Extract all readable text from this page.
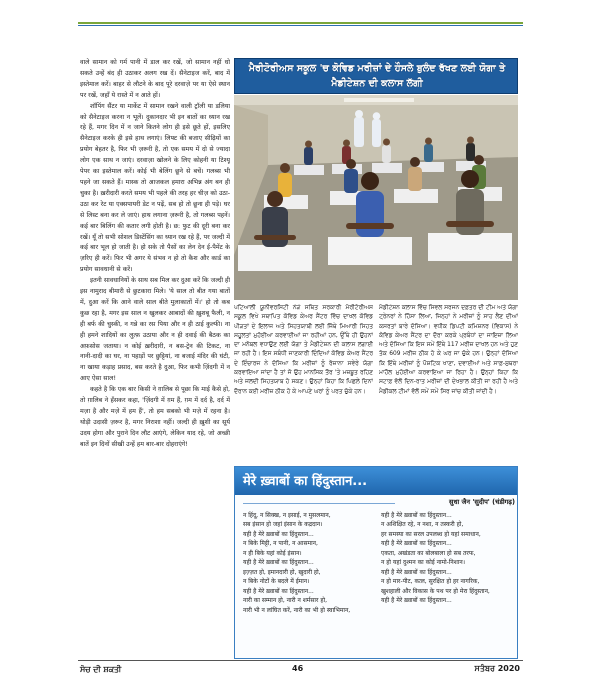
वाले सामान को गर्म पानी में डाल कर रखें, जो सामान नहीं धो सकते उन्हें बंद ही उठाकर अलग रख दें। सैनेटाइज करें, बाद में इस्तेमाल करें। बाहर से लौटने के बाद पूरे दरवाज़े पर या ऐसे स्थान पर रखें, जहाँ ये रास्ते में न आते हों।

शॉपिंग सैंटर या मार्केट में सामान रखने वाली ट्रॉली या डलिया को सैनेटाइज करना न भूलें। दुकानदार भी इन बातों का ध्यान रख रहे हैं, मगर दिन में न जाने कितने लोग ही इसे छूते हों, इसलिए सैनेटाइज करके ही इसे हाथ लगाएं। लिफ्ट की बजाए सीढ़ियों का प्रयोग बेहतर है, फिर भी ज़रूरी है, तो एक समय में दो से ज्यादा लोग एक साथ न जाएं। दरवाज़ा खोलने के लिए कोहनी या टिश्यू पेपर का इस्तेमाल करें। कोई भी बेलिंग छूने से बचें। गलब्स भी पहने जा सकते हैं। मास्क तो आजकल हमारा अभिन्न अंग बन ही चुका है। ख़रीदारी करते समय भी पहले की तरह हर चीज़ को उठा-उठा कर रेट या एक्सपायरी डेट न पढ़ें, सब हो तो छूना ही पड़े। घर से लिस्ट बना कर ले जाएं। हाथ लगाना ज़रूरी है, तो गलब्स पहनें। कई बार बिलिंग की कतार लगी होती है। छ: फुट की दूरी बना कर रखें। यूँ तो सभी सोशल डिस्टेंसिंग का ध्यान रख रहे हैं, पर जल्दी में कई बार भूल हो जाती है। हो सके तो पैसों का लेन देन ई-पैमेंट के ज़रिए ही करें। फिर भी अगर ये संभव न हो तो कैश और कार्ड का प्रयोग सावधानी से करें।

इतनी सावधानियों के साथ सब मिल कर दुआ करें कि जल्दी ही इस नामुराद बीमारी से छुटकारा मिले। 'ये साल तो बीत गया बातों में, दुआ करें कि आने वाले साल बीते मुलाकातों में।' हो तो कब कुछ रहा है, मगर इस साल न खुलकर आबादों की ख़ुशबू फैली, न ही बर्फ की चुस्की, न गन्ने का रस पिया और न ही ठाई कुल्फी। ना ही हमने शादियों का लुत्फ़ उठाया और न ही दवाई की बैठक का अफ़सोस जताया। न कोई ख़रीदारी, न बस-ट्रेन की टिकट, ना नानी-दादी का घर, ना पहाड़ों पर छुट्टियां, ना बजाई मंदिर की घंटी, ना खाया कड़ाह प्रसाद, बस करते है दुआ, फिर कभी ज़िंदगी में न आए ऐसा साल!

कहते है कि एक बार किसी ने ग़ालिब से पूछा कि माई कैसे हो, तो ग़ालिब ने हँसकर कहा, 'ज़िंदगी में ग़म हैं, ग़म में दर्द है, दर्द में मज़ा है और मज़े में हम हैं', तो हम सबको भी मज़े में रहना है। थोड़ी उदासी ज़रूर है, मगर निराशा नहीं। जल्दी ही ख़ुशी का सूर्य उदय होगा और पुराने दिन लौट आएंगे, लेकिन याद रहे, जो अच्छी बातें इन दिनों सीखी उन्हें हम बार-बार दोहराएंगे!

ਮੈਰੀਟੋਰੀਅਸ ਸਕੂਲ 'ਚ ਕੋਵਿਡ ਮਰੀਜ਼ਾਂ ਦੇ ਹੌਸਲੇ ਬੁਲੰਦ ਰੱਖਣ ਲਈ ਯੋਗਾ ਤੇ ਮੈਡੀਟੇਸ਼ਨ ਦੀ ਕਲਾਸ ਲੱਗੀ

ਪਟਿਆਲੀ ਯੂਨੀਵਰਸਿਟੀ ਨੇੜੇ ਸਥਿਤ ਸਰਕਾਰੀ ਮੈਰੀਟੋਰੀਅਸ ਸਕੂਲ ਵਿਖੇ ਸਥਾਪਿਤ ਕੋਵਿਡ ਕੇਅਰ ਸੈਂਟਰ ਵਿੱਚ ਦਾਖਲ ਕੋਵਿਡ ਪੀੜਤਾਂ ਦੇ ਇਲਾਜ ਅਤੇ ਸਿਹਤਯਾਬੀ ਲਈ ਜਿੱਥੇ ਮਿਆਰੀ ਸਿਹਤ ਸਹੂਲਤਾਂ ਮੁਹੱਈਆ ਕਰਵਾਈਆਂ ਜਾ ਰਹੀਆਂ ਹਨ, ਉੱਥੇ ਹੀ ਉਹਨਾਂ ਦਾ ਮਨੋਬਲ ਵਧਾਉਣ ਲਈ ਯੋਗਾ ਤੇ ਮੈਡੀਟੇਸ਼ਨ ਦੀ ਕਲਾਸ ਲਗਾਈ ਜਾ ਰਹੀ ਹੈ। ਇਸ ਸਬੰਧੀ ਜਾਣਕਾਰੀ ਦਿੰਦਿਆਂ ਕੋਵਿਡ ਕੇਅਰ ਸੈਂਟਰ ਦੇ ਇੰਚਾਰਜ ਨੇ ਦੱਸਿਆ ਕਿ ਮਰੀਜ਼ਾਂ ਨੂੰ ਰੋਜ਼ਾਨਾ ਸਵੇਰੇ ਯੋਗਾ ਕਰਵਾਇਆ ਜਾਂਦਾ ਹੈ ਤਾਂ ਜੋ ਉਹ ਮਾਨਸਿਕ ਤੌਰ 'ਤੇ ਮਜ਼ਬੂਤ ਰਹਿਣ ਅਤੇ ਜਲਦੀ ਸਿਹਤਯਾਬ ਹੋ ਸਕਣ। ਉਨ੍ਹਾਂ ਕਿਹਾ ਕਿ ਪਿਛਲੇ ਦਿਨਾਂ ਦੌਰਾਨ ਕਈ ਮਰੀਜ਼ ਠੀਕ ਹੋ ਕੇ ਆਪਣੇ ਘਰਾਂ ਨੂੰ ਪਰਤ ਚੁੱਕੇ ਹਨ।

ਮੈਡੀਟੇਸ਼ਨ ਕਲਾਸ ਵਿੱਚ ਸਿਵਲ ਸਰਜਨ ਦਫ਼ਤਰ ਦੀ ਟੀਮ ਅਤੇ ਯੋਗਾ ਟ੍ਰੇਨਰਾਂ ਨੇ ਹਿੱਸਾ ਲਿਆ, ਜਿਨ੍ਹਾਂ ਨੇ ਮਰੀਜ਼ਾਂ ਨੂੰ ਸਾਹ ਲੈਣ ਦੀਆਂ ਕਸਰਤਾਂ ਬਾਰੇ ਦੱਸਿਆ। ਵਧੀਕ ਡਿਪਟੀ ਕਮਿਸ਼ਨਰ (ਵਿਕਾਸ) ਨੇ ਕੋਵਿਡ ਕੇਅਰ ਸੈਂਟਰ ਦਾ ਦੌਰਾ ਕਰਕੇ ਪ੍ਰਬੰਧਾਂ ਦਾ ਜਾਇਜ਼ਾ ਲਿਆ ਅਤੇ ਦੱਸਿਆ ਕਿ ਇਸ ਸਮੇਂ ਇੱਥੇ 117 ਮਰੀਜ਼ ਦਾਖਲ ਹਨ ਅਤੇ ਹੁਣ ਤੱਕ 609 ਮਰੀਜ਼ ਠੀਕ ਹੋ ਕੇ ਘਰ ਜਾ ਚੁੱਕੇ ਹਨ। ਉਨ੍ਹਾਂ ਦੱਸਿਆ ਕਿ ਇੱਥੇ ਮਰੀਜ਼ਾਂ ਨੂੰ ਪੌਸ਼ਟਿਕ ਖਾਣਾ, ਦਵਾਈਆਂ ਅਤੇ ਸਾਫ਼-ਸੁਥਰਾ ਮਾਹੌਲ ਮੁਹੱਈਆ ਕਰਵਾਇਆ ਜਾ ਰਿਹਾ ਹੈ। ਉਨ੍ਹਾਂ ਕਿਹਾ ਕਿ ਸਟਾਫ਼ ਵੱਲੋਂ ਦਿਨ-ਰਾਤ ਮਰੀਜ਼ਾਂ ਦੀ ਦੇਖਭਾਲ ਕੀਤੀ ਜਾ ਰਹੀ ਹੈ ਅਤੇ ਮੈਡੀਕਲ ਟੀਮਾਂ ਵੱਲੋਂ ਸਮੇਂ ਸਮੇਂ ਸਿਰ ਜਾਂਚ ਕੀਤੀ ਜਾਂਦੀ ਹੈ।

मेरे ख़्वाबों का हिंदुस्तान...
सुधा जैन 'सुदीप' (चंडीगढ़)
न हिंदू, न सिक्ख, न इसाई, न मुसलमान,
सब इंसान हो जहां इंसान के कद्रदान।
यही है मेरे ख़्वाबों का हिंदुस्तान...
न बिके मिट्टी, न पानी, न आसमान,
न ही बिके यहां कोई इंसान।
यही है मेरे ख़्वाबों का हिंदुस्तान...
इज़्ज़त हो, इमानदारी हो, खुदारी हो,
न बिके नोटों के बदले में ईमान।
यही है मेरे ख़्वाबों का हिंदुस्तान...
नारी का सम्मान हो, नारी न शर्मसार हो,
नारी भी न लांघित करें, नारी का भी हो स्वाभिमान,
यही है मेरे ख़्वाबों का हिंदुस्तान...
न अशिक्षित रहे, न नशा, न तस्करी हो,
हर समस्या का सरल उपलब्ध हो यहां समाधान,
यही है मेरे ख़्वाबों का हिंदुस्तान...
एकता, अखंडता का बोलबाला हो सब तरफ,
न हो यहां दुश्मन का कोई नामो-निशान।
यही है मेरे ख़्वाबों का हिंदुस्तान...
न हो मार-पीट, कत्ल, सुरक्षित हो हर नागरिक,
खुशहाली और विकास के पथ पर हो मेरा हिंदुस्तान,
यही है मेरे ख़्वाबों का हिंदुस्तान...
ਸੋਚ ਦੀ ਸ਼ਕਤੀ	46	ਸਤੰਬਰ 2020
